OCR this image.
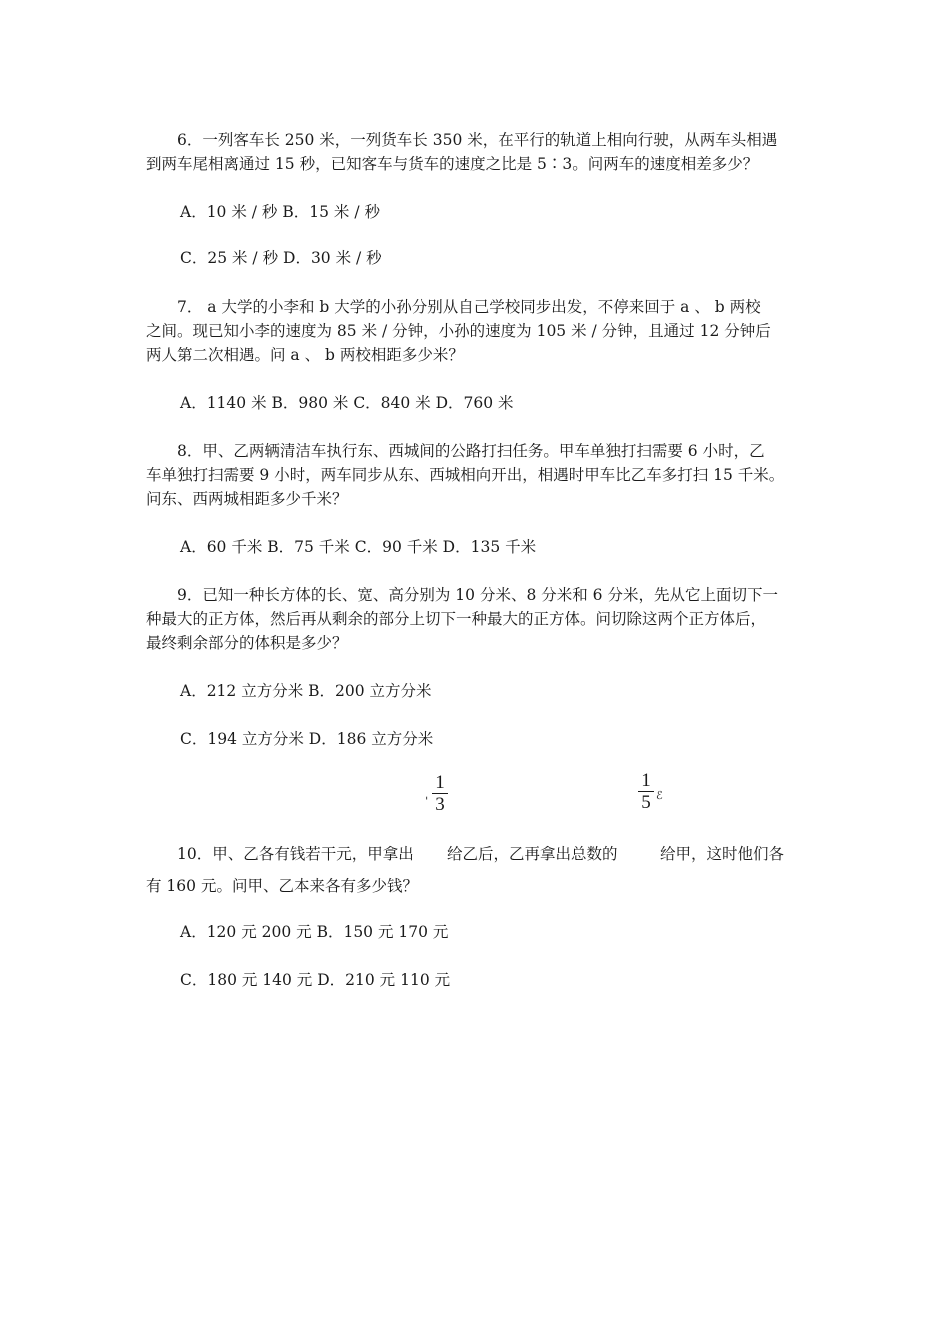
6．一列客车长 250 米，一列货车长 350 米，在平行的轨道上相向行驶，从两车头相遇
到两车尾相离通过 15 秒，已知客车与货车的速度之比是 5∶3。问两车的速度相差多少？
A．10 米 / 秒 B．15 米 / 秒
C．25 米 / 秒 D．30 米 / 秒
7． a 大学的小李和 b 大学的小孙分别从自己学校同步出发，不停来回于 a 、 b 两校
之间。现已知小李的速度为 85 米 / 分钟，小孙的速度为 105 米 / 分钟，且通过 12 分钟后
两人第二次相遇。问 a 、 b 两校相距多少米？
A．1140 米 B．980 米 C．840 米 D．760 米
8．甲、乙两辆清洁车执行东、西城间的公路打扫任务。甲车单独打扫需要 6 小时，乙
车单独打扫需要 9 小时，两车同步从东、西城相向开出，相遇时甲车比乙车多打扫 15 千米。
问东、西两城相距多少千米？
A．60 千米 B．75 千米 C．90 千米 D．135 千米
9．已知一种长方体的长、宽、高分别为 10 分米、8 分米和 6 分米，先从它上面切下一
种最大的正方体，然后再从剩余的部分上切下一种最大的正方体。问切除这两个正方体后，
最终剩余部分的体积是多少？
A．212 立方分米 B．200 立方分米
C．194 立方分米 D．186 立方分米
ˈ
1
3
1
5 ℰ
10．甲、乙各有钱若干元，甲拿出 给乙后，乙再拿出总数的	给甲，这时他们各
有 160 元。问甲、乙本来各有多少钱？
A．120 元 200 元 B．150 元 170 元
C．180 元 140 元 D．210 元 110 元
